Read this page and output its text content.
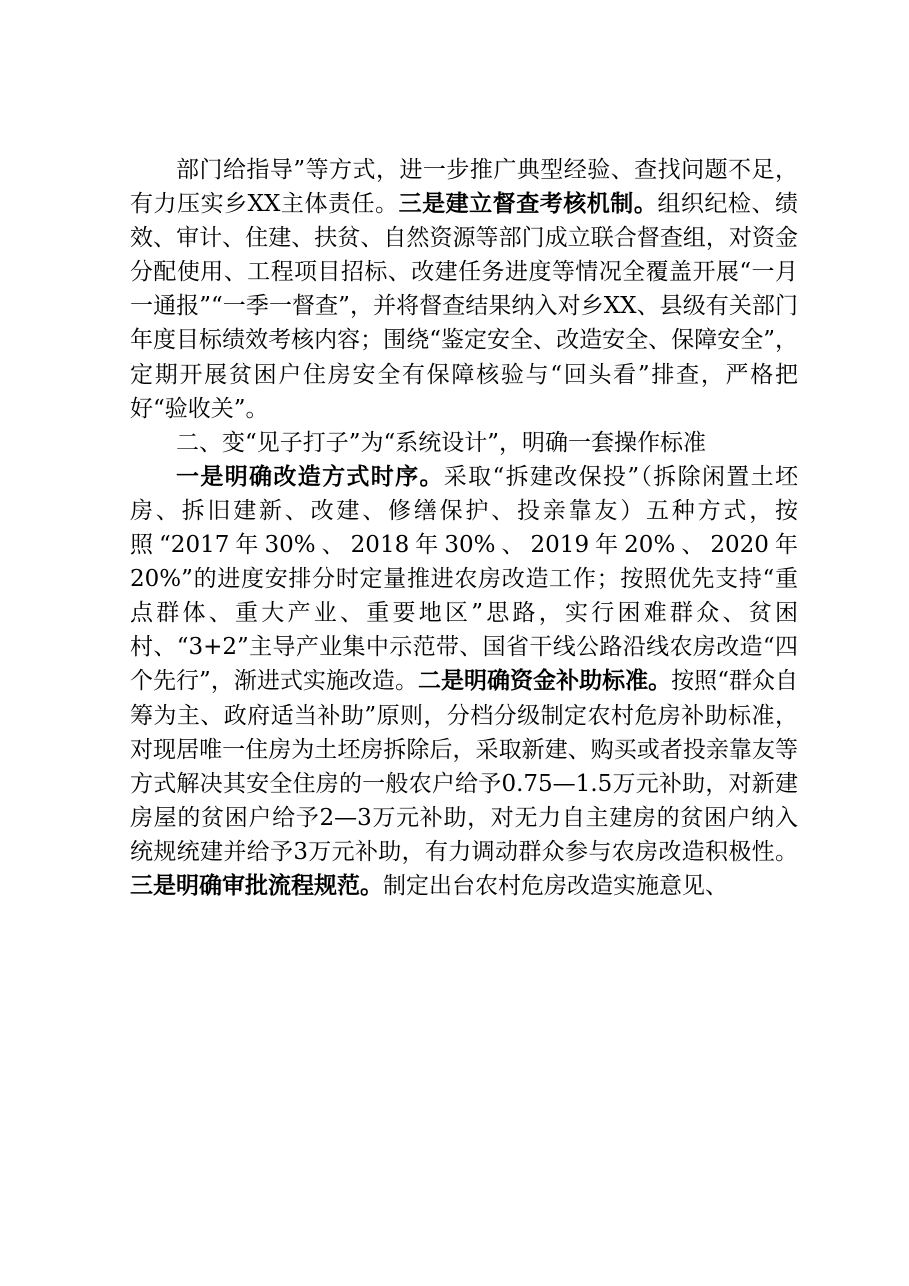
部门给指导”等方式，进一步推广典型经验、查找问题不足，有力压实乡XX主体责任。三是建立督查考核机制。组织纪检、绩效、审计、住建、扶贫、自然资源等部门成立联合督查组，对资金分配使用、工程项目招标、改建任务进度等情况全覆盖开展“一月一通报”“一季一督查”，并将督查结果纳入对乡XX、县级有关部门年度目标绩效考核内容；围绕“鉴定安全、改造安全、保障安全”，定期开展贫困户住房安全有保障核验与“回头看”排查，严格把好“验收关”。

二、变“见子打子”为“系统设计”，明确一套操作标准

一是明确改造方式时序。采取“拆建改保投”（拆除闲置土坯房、拆旧建新、改建、修缮保护、投亲靠友）五种方式，按照“2017年30%、2018年30%、2019年20%、2020年20%”的进度安排分时定量推进农房改造工作；按照优先支持“重点群体、重大产业、重要地区”思路，实行困难群众、贫困村、“3+2”主导产业集中示范带、国省干线公路沿线农房改造“四个先行”，渐进式实施改造。二是明确资金补助标准。按照“群众自筹为主、政府适当补助”原则，分档分级制定农村危房补助标准，对现居唯一住房为土坯房拆除后，采取新建、购买或者投亲靠友等方式解决其安全住房的一般农户给予0.75—1.5万元补助，对新建房屋的贫困户给予2—3万元补助，对无力自主建房的贫困户纳入统规统建并给予3万元补助，有力调动群众参与农房改造积极性。三是明确审批流程规范。制定出台农村危房改造实施意见、
